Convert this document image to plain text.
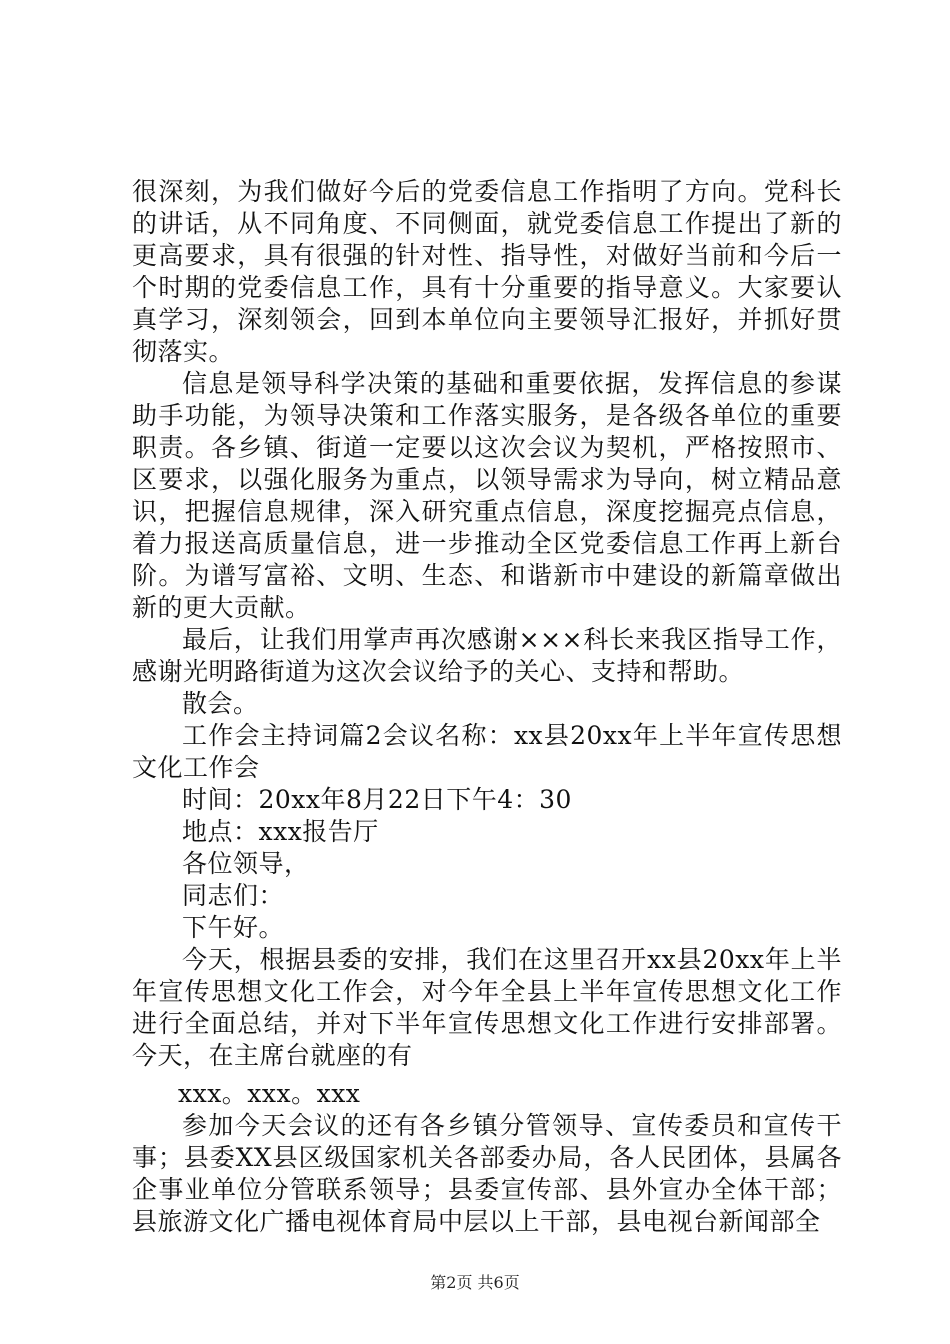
很深刻，为我们做好今后的党委信息工作指明了方向。党科长的讲话，从不同角度、不同侧面，就党委信息工作提出了新的更高要求，具有很强的针对性、指导性，对做好当前和今后一个时期的党委信息工作，具有十分重要的指导意义。大家要认真学习，深刻领会，回到本单位向主要领导汇报好，并抓好贯彻落实。

信息是领导科学决策的基础和重要依据，发挥信息的参谋助手功能，为领导决策和工作落实服务，是各级各单位的重要职责。各乡镇、街道一定要以这次会议为契机，严格按照市、区要求，以强化服务为重点，以领导需求为导向，树立精品意识，把握信息规律，深入研究重点信息，深度挖掘亮点信息，着力报送高质量信息，进一步推动全区党委信息工作再上新台阶。为谱写富裕、文明、生态、和谐新市中建设的新篇章做出新的更大贡献。

最后，让我们用掌声再次感谢×××科长来我区指导工作，感谢光明路街道为这次会议给予的关心、支持和帮助。

散会。

工作会主持词篇2会议名称：xx县20xx年上半年宣传思想文化工作会

时间：20xx年8月22日下午4：30

地点：xxx报告厅

各位领导，

同志们：

下午好。

今天，根据县委的安排，我们在这里召开xx县20xx年上半年宣传思想文化工作会，对今年全县上半年宣传思想文化工作进行全面总结，并对下半年宣传思想文化工作进行安排部署。今天，在主席台就座的有

xxx。xxx。xxx

参加今天会议的还有各乡镇分管领导、宣传委员和宣传干事；县委XX县区级国家机关各部委办局，各人民团体，县属各企事业单位分管联系领导；县委宣传部、县外宣办全体干部；县旅游文化广播电视体育局中层以上干部，县电视台新闻部全

第2页 共6页
